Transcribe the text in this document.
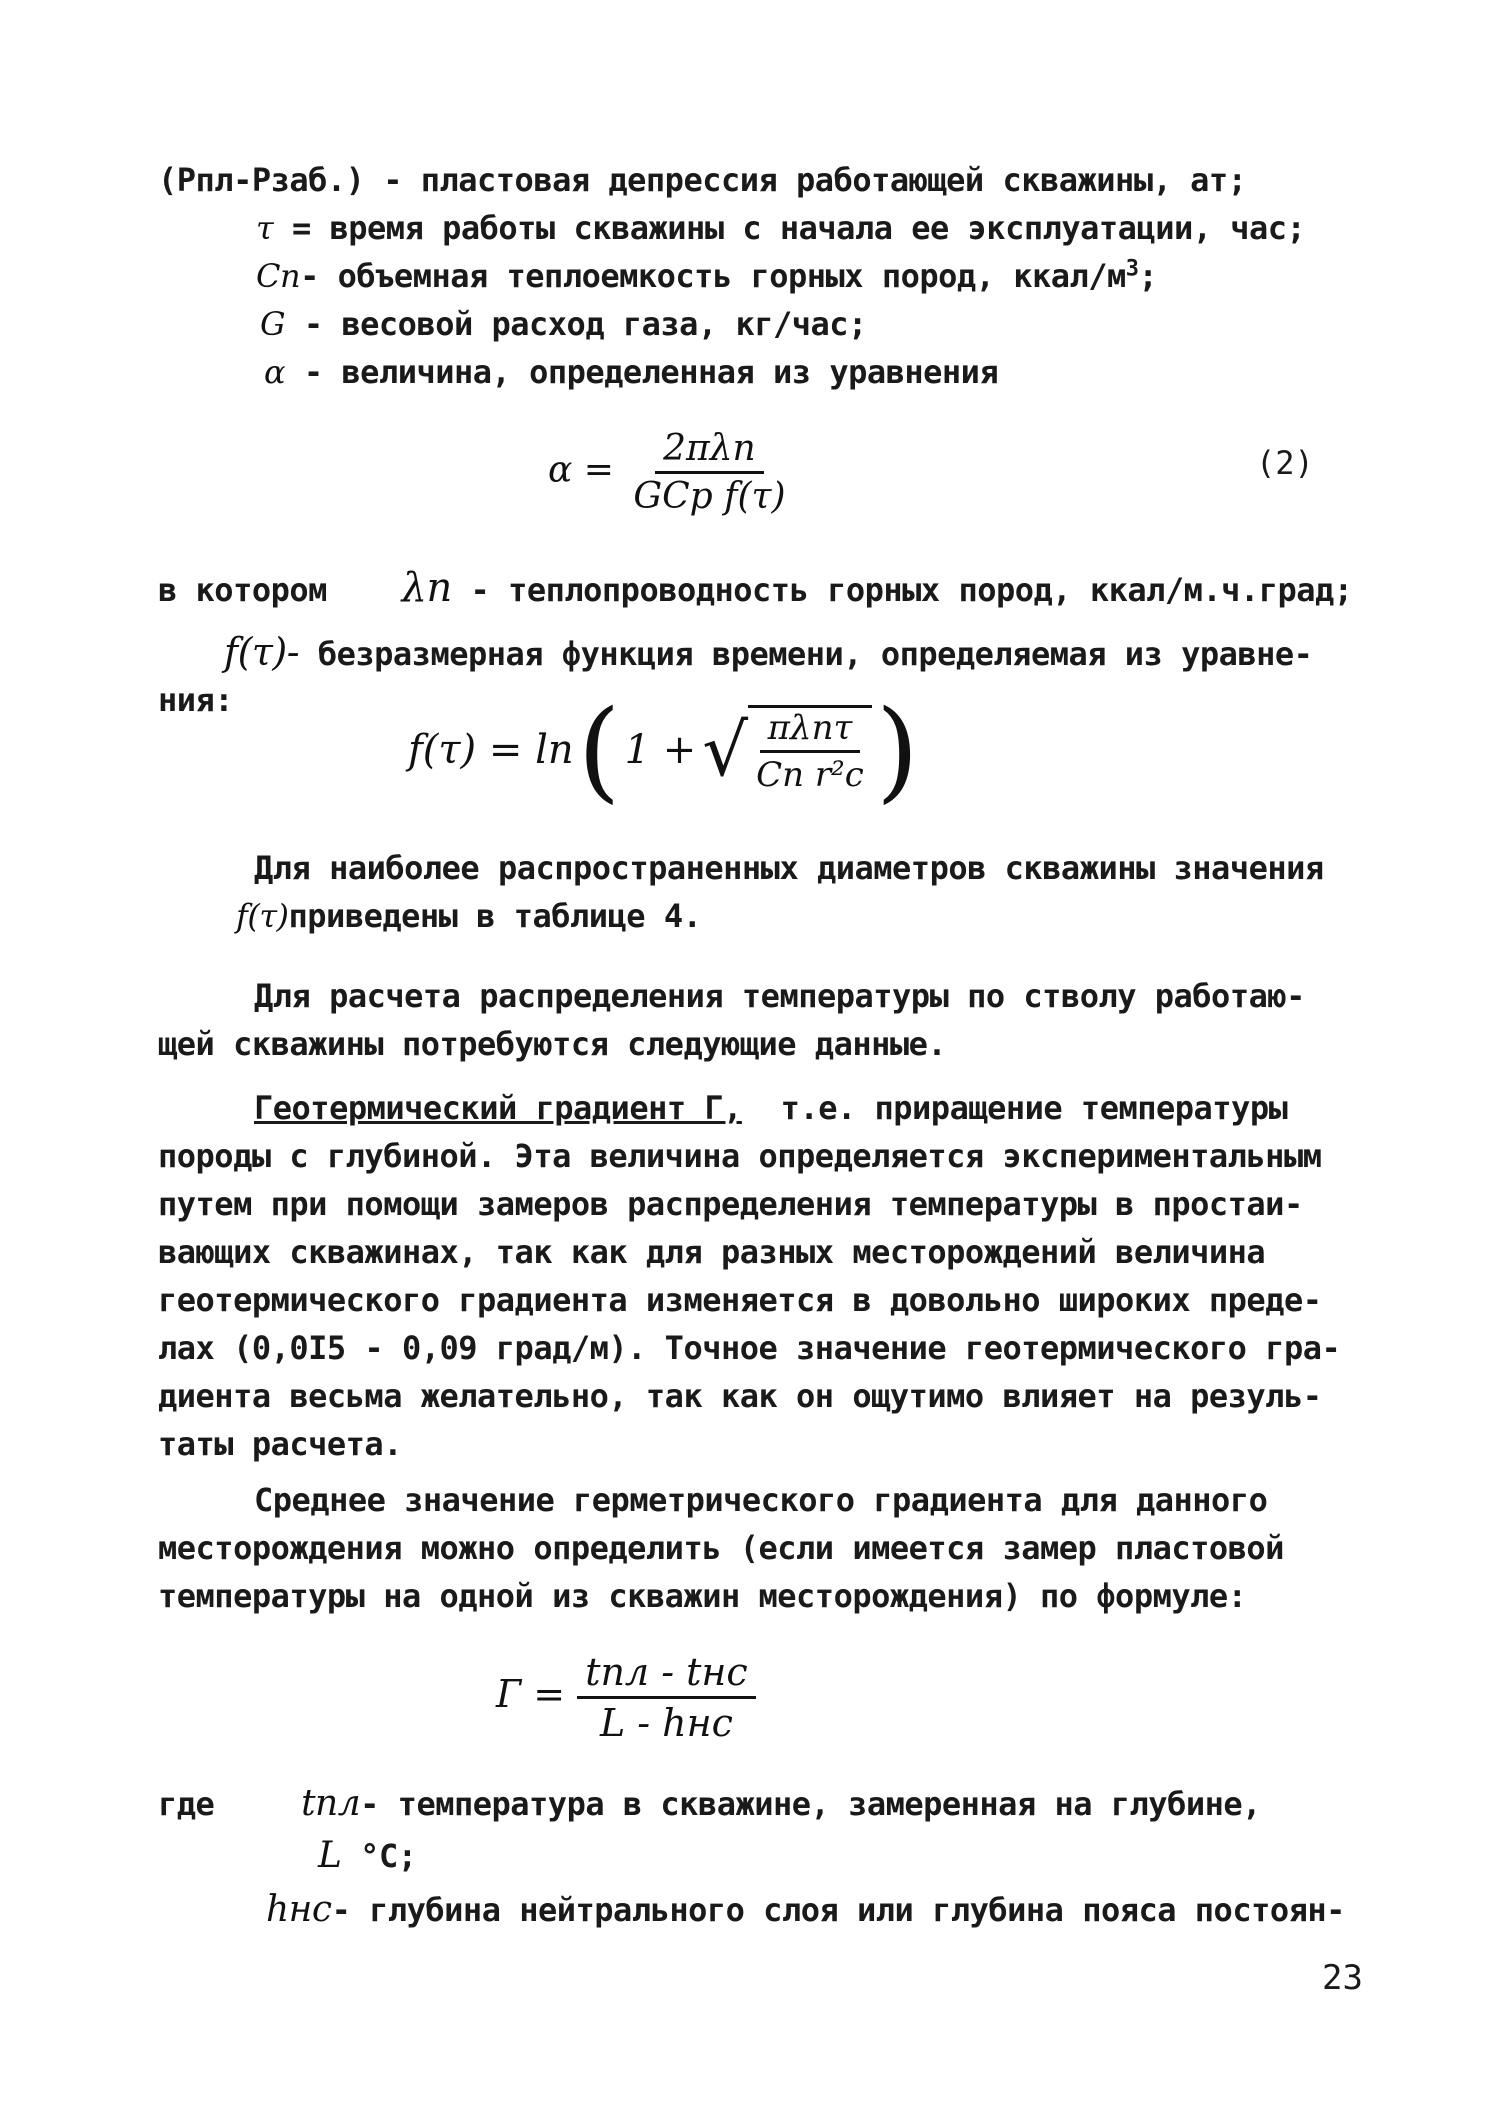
(Рпл-Рзаб.) - пластовая депрессия работающей скважины, ат;
𝜏 = время работы скважины с начала ее эксплуатации, час;
Cп- объемная теплоемкость горных пород, ккал/$м^3$;
G - весовой расход газа, кг/час;
α - величина, определенная из уравнения
$\alpha = \frac{\text{2πλп}}{\text{GCp f(τ)}}$	(2)
в котором λп - теплопроводность горных пород, ккал/м.ч.град;
f(τ)- безразмерная функция времени, определяемая из уравне-
ния:
f(τ) = ln ( 1 + √ $\frac{\text{πλпτ}}{\text{Cп r²c}}$ )
Для наиболее распространенных диаметров скважины значения
f(τ)приведены в таблице 4.
Для расчета распределения температуры по стволу работаю-
щей скважины потребуются следующие данные.
Геотермический градиент Г, т.е. приращение температуры
породы с глубиной. Эта величина определяется экспериментальным
путем при помощи замеров распределения температуры в простаи-
вающих скважинах, так как для разных месторождений величина
геотермического градиента изменяется в довольно широких преде-
лах (0,0I5 - 0,09 град/м). Точное значение геотермического гра-
диента весьма желательно, так как он ощутимо влияет на резуль-
таты расчета.
Среднее значение герметрического градиента для данного
месторождения можно определить (если имеется замер пластовой
температуры на одной из скважин месторождения) по формуле:
$Г = \frac{\text{tпл - tнс}}{\text{L - hнс}}$
где tпл- температура в скважине, замеренная на глубине,
L °C;
hнс- глубина нейтрального слоя или глубина пояса постоян-
23
